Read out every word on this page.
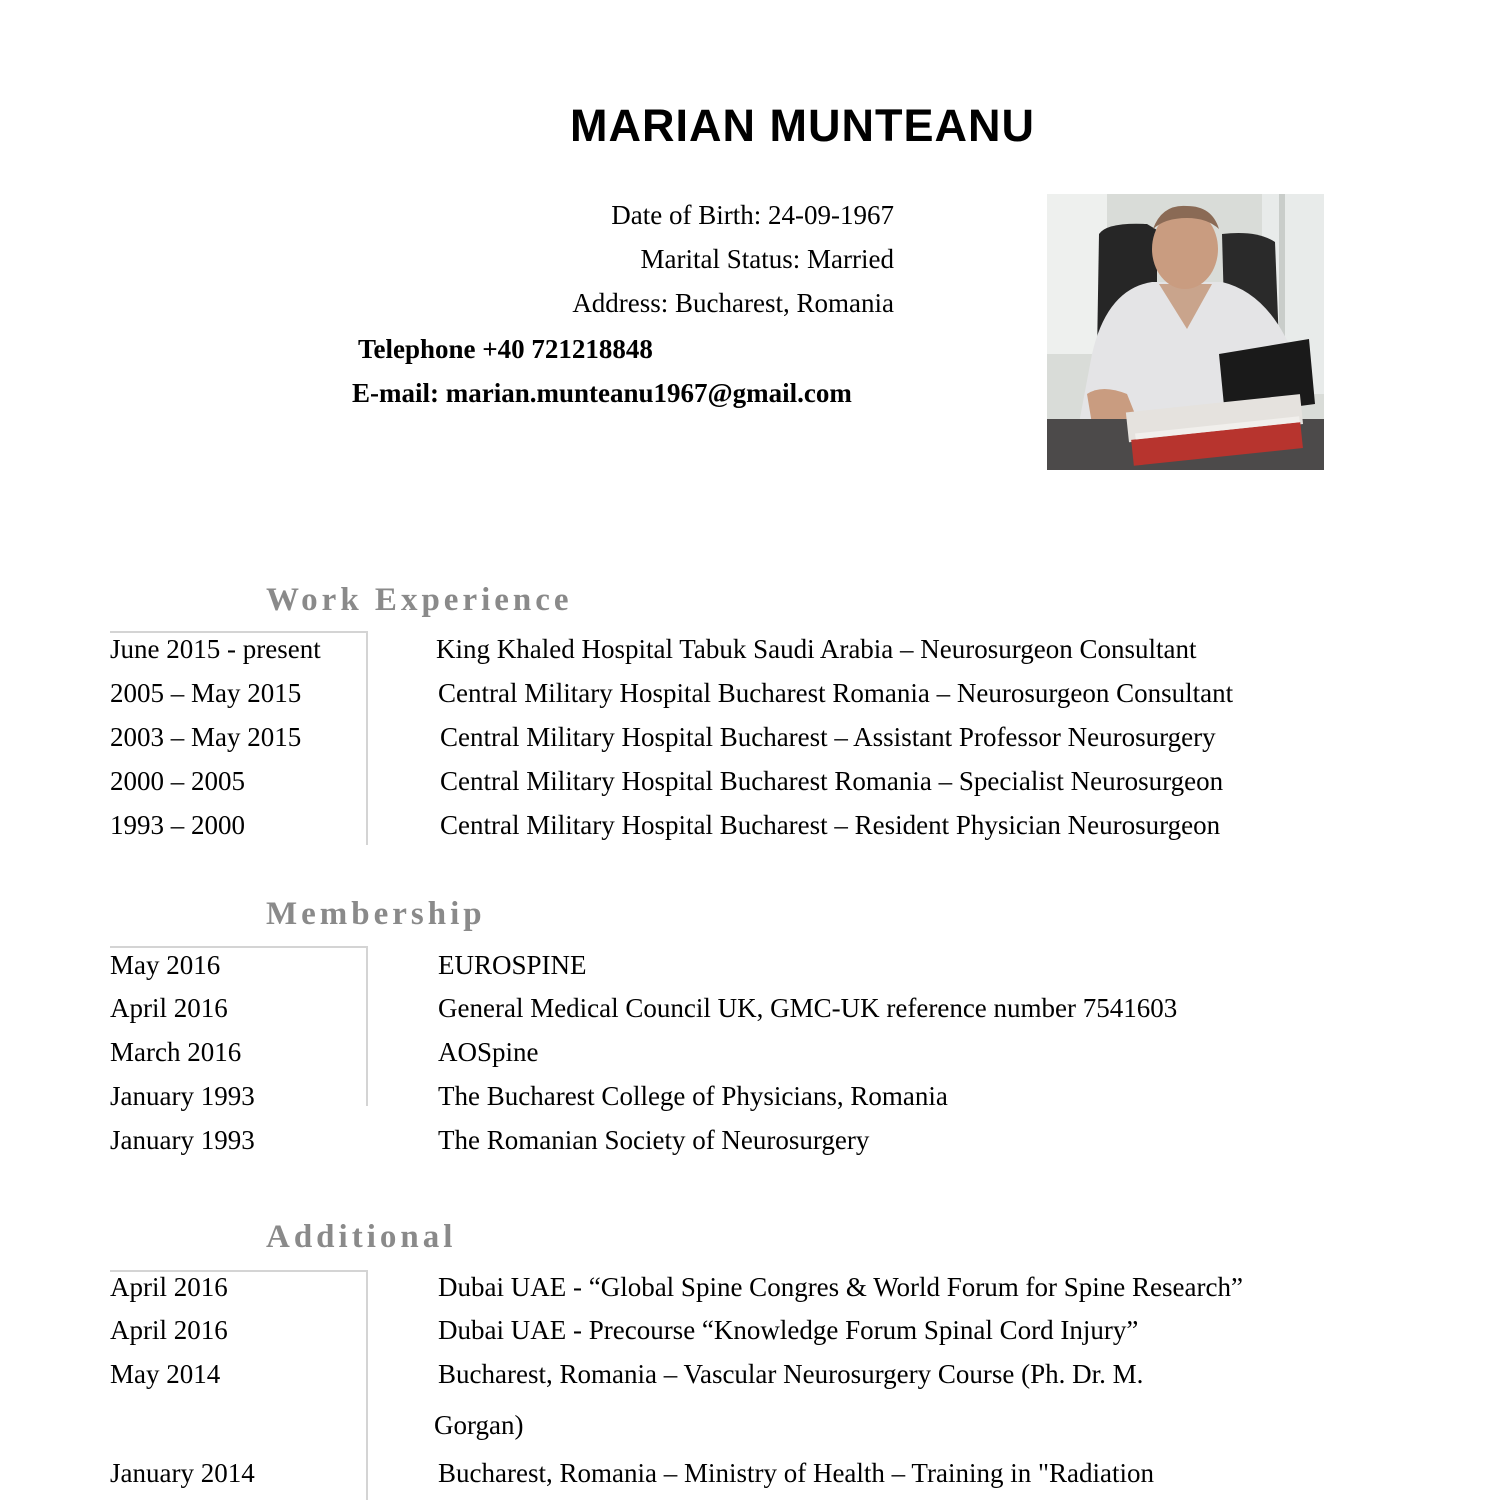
MARIAN MUNTEANU
Date of Birth: 24-09-1967
Marital Status: Married
Address: Bucharest, Romania
Telephone +40 721218848
E-mail: marian.munteanu1967@gmail.com
Work Experience
June 2015 - present	King Khaled Hospital Tabuk Saudi Arabia – Neurosurgeon Consultant
2005 – May 2015	Central Military Hospital Bucharest Romania – Neurosurgeon Consultant
2003 – May 2015	Central Military Hospital Bucharest – Assistant Professor Neurosurgery
2000 – 2005	Central Military Hospital Bucharest Romania – Specialist Neurosurgeon
1993 – 2000	Central Military Hospital Bucharest – Resident Physician Neurosurgeon
Membership
May 2016	EUROSPINE
April 2016	General Medical Council UK, GMC-UK reference number 7541603
March 2016	AOSpine
January 1993	The Bucharest College of Physicians, Romania
January 1993	The Romanian Society of Neurosurgery
Additional
April 2016	Dubai UAE - “Global Spine Congres & World Forum for Spine Research”
April 2016	Dubai UAE - Precourse “Knowledge Forum Spinal Cord Injury”
May 2014	Bucharest, Romania – Vascular Neurosurgery Course (Ph. Dr. M.
Gorgan)
January 2014	Bucharest, Romania – Ministry of Health – Training in "Radiation
